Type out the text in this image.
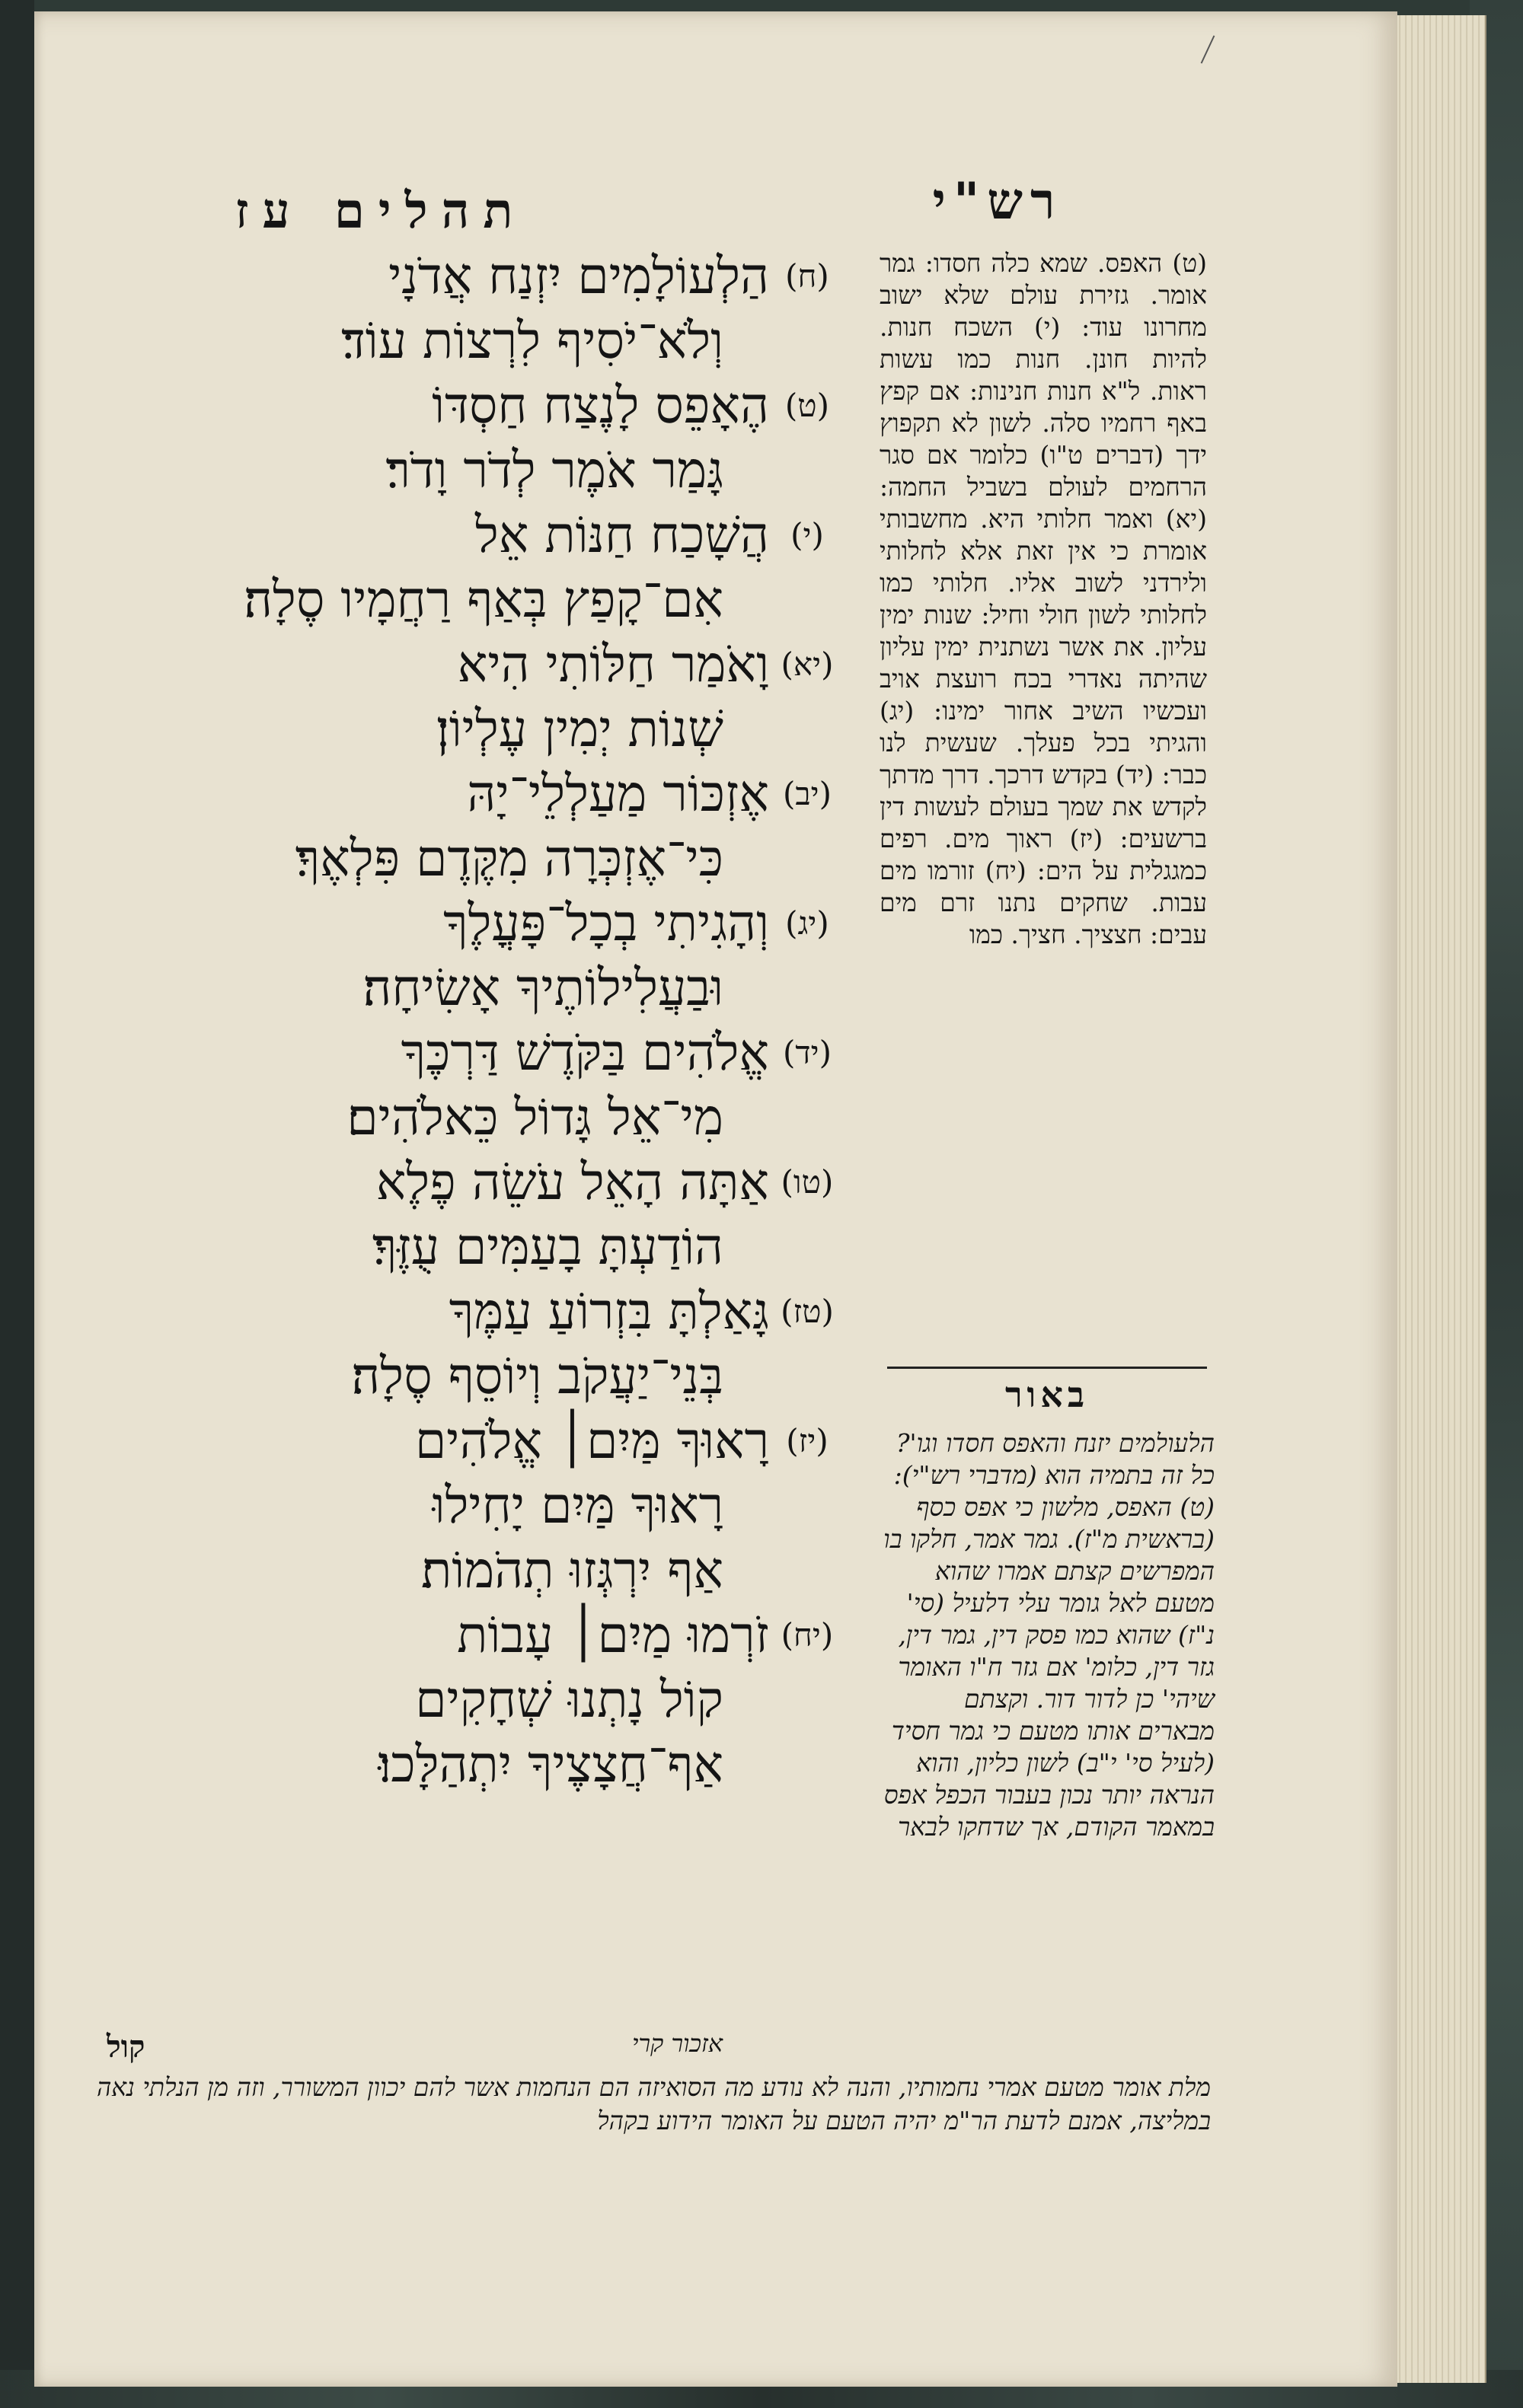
תהלים עז	רש"י
(ח)
הַלְעוֹלָמִים יִזְנַח אֲדֹנָי
וְלֹא־יֹסִיף לִרְצוֹת עוֹד׃
(ט)
הֶאָפֵס לָנֶצַח חַסְדּוֹ
גָּמַר אֹמֶר לְדֹר וָדֹר׃
(י)
הֲשָׁכַח חַנּוֹת אֵל
אִם־קָפַץ בְּאַף רַחֲמָיו סֶלָה׃
(יא)
וָאֹמַר חַלּוֹתִי הִיא
שְׁנוֹת יְמִין עֶלְיוֹן׃
(יב)
אֶזְכּוֹר מַעַלְלֵי־יָהּ
כִּי־אֶזְכְּרָה מִקֶּדֶם פִּלְאֶךָ׃
(יג)
וְהָגִיתִי בְכָל־פָּעֳלֶךָ
וּבַעֲלִילוֹתֶיךָ אָשִׂיחָה׃
(יד)
אֱלֹהִים בַּקֹּדֶשׁ דַּרְכֶּךָ
מִי־אֵל גָּדוֹל כֵּאלֹהִים׃
(טו)
אַתָּה הָאֵל עֹשֵׂה פֶלֶא
הוֹדַעְתָּ בָעַמִּים עֻזֶּךָ׃
(טז)
גָּאַלְתָּ בִּזְרוֹעַ עַמֶּךָ
בְּנֵי־יַעֲקֹב וְיוֹסֵף סֶלָה׃
(יז)
רָאוּךָ מַּיִם׀ אֱלֹהִים
רָאוּךָ מַּיִם יָחִילוּ
אַף יִרְגְּזוּ תְהֹמוֹת׃
(יח)
זֹרְמוּ מַיִם׀ עָבוֹת
קוֹל נָתְנוּ שְׁחָקִים
אַף־חֲצָצֶיךָ יִתְהַלָּכוּ׃
(ט) האפס. שמא כלה חסדו: גמר אומר. גזירת עולם שלא ישוב מחרונו עוד: (י) השכח חנות. להיות חונן. חנות כמו עשות ראות. ל"א חנות חנינות: אם קפץ באף רחמיו סלה. לשון לא תקפוץ ידך (דברים ט"ו) כלומר אם סגר הרחמים לעולם בשביל החמה: (יא) ואמר חלותי היא. מחשבותי אומרת כי אין זאת אלא לחלותי ולירדני לשוב אליו. חלותי כמו לחלותי לשון חולי וחיל: שנות ימין עליון. את אשר נשתנית ימין עליון שהיתה נאדרי בכח רועצת אויב ועכשיו השיב אחור ימינו: (יג) והגיתי בכל פעלך. שעשית לנו כבר: (יד) בקדש דרכך. דרך מדתך לקדש את שמך בעולם לעשות דין ברשעים: (יז) ראוך מים. רפים כמגגלית על הים: (יח) זורמו מים עבות. שחקים נתנו זרם מים עבים: חצציך. חציך. כמו
באור
הלעולמים יזנח והאפס חסדו וגו'? כל זה בתמיה הוא (מדברי רש"י): (ט) האפס, מלשון כי אפס כסף (בראשית מ"ז). גמר אמר, חלקו בו המפרשים קצתם אמרו שהוא מטעם לאל גומר עלי דלעיל (סי' נ"ז) שהוא כמו פסק דין, גמר דין, גזר דין, כלומ' אם גזר ח"ו האומר שיהי' כן לדור דור. וקצתם מבארים אותו מטעם כי גמר חסיד (לעיל סי' י"ב) לשון כליון, והוא הנראה יותר נכון בעבור הכפל אפס במאמר הקודם, אך שדחקו לבאר
קול	אזכור קרי
מלת אומר מטעם אמרי נחמותיו, והנה לא נודע מה הסואיזה הם הנחמות אשר להם יכוון המשורר, וזה מן הנלתי נאה במליצה, אמנם לדעת הר"מ יהיה הטעם על האומר הידוע בקהל
